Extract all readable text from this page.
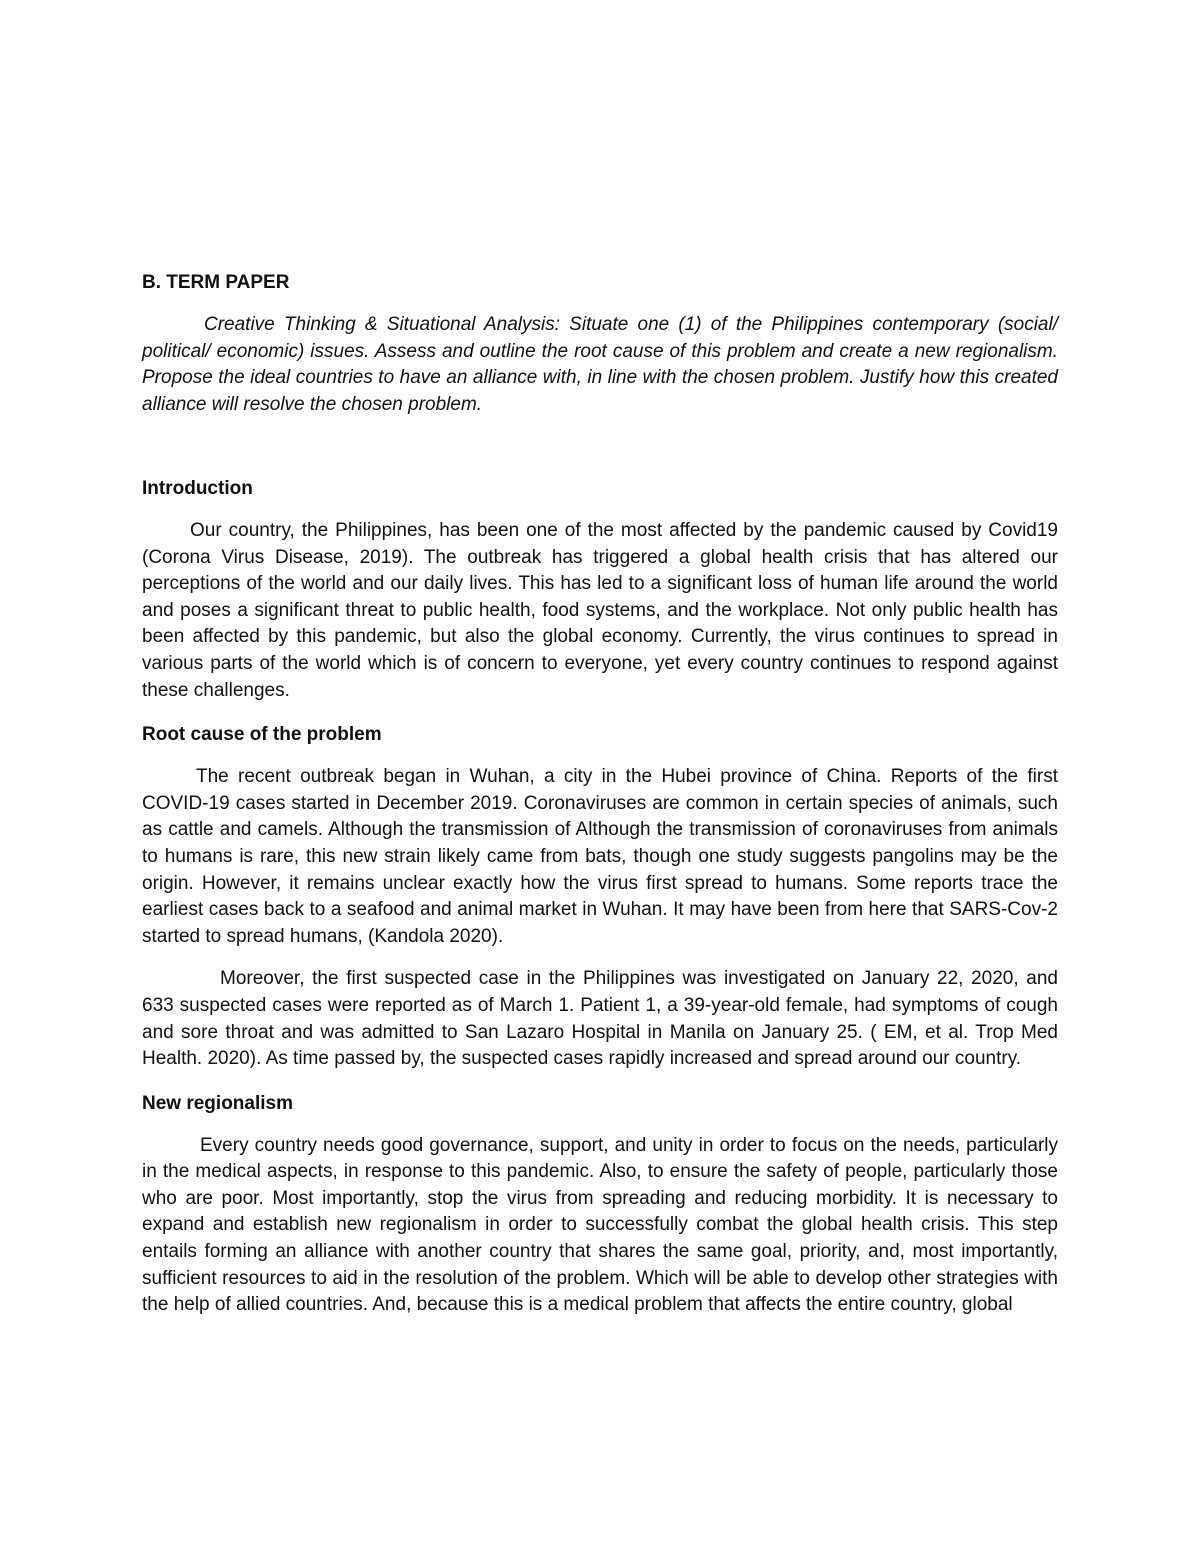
B. TERM PAPER

Creative Thinking & Situational Analysis: Situate one (1) of the Philippines contemporary (social/ political/ economic) issues. Assess and outline the root cause of this problem and create a new regionalism. Propose the ideal countries to have an alliance with, in line with the chosen problem. Justify how this created alliance will resolve the chosen problem.

Introduction

Our country, the Philippines, has been one of the most affected by the pandemic caused by Covid19 (Corona Virus Disease, 2019). The outbreak has triggered a global health crisis that has altered our perceptions of the world and our daily lives. This has led to a significant loss of human life around the world and poses a significant threat to public health, food systems, and the workplace. Not only public health has been affected by this pandemic, but also the global economy. Currently, the virus continues to spread in various parts of the world which is of concern to everyone, yet every country continues to respond against these challenges.

Root cause of the problem

The recent outbreak began in Wuhan, a city in the Hubei province of China. Reports of the first COVID-19 cases started in December 2019. Coronaviruses are common in certain species of animals, such as cattle and camels. Although the transmission of Although the transmission of coronaviruses from animals to humans is rare, this new strain likely came from bats, though one study suggests pangolins may be the origin. However, it remains unclear exactly how the virus first spread to humans. Some reports trace the earliest cases back to a seafood and animal market in Wuhan. It may have been from here that SARS-Cov-2 started to spread humans, (Kandola 2020).

Moreover, the first suspected case in the Philippines was investigated on January 22, 2020, and 633 suspected cases were reported as of March 1. Patient 1, a 39-year-old female, had symptoms of cough and sore throat and was admitted to San Lazaro Hospital in Manila on January 25. ( EM, et al. Trop Med Health. 2020). As time passed by, the suspected cases rapidly increased and spread around our country.

New regionalism

Every country needs good governance, support, and unity in order to focus on the needs, particularly in the medical aspects, in response to this pandemic. Also, to ensure the safety of people, particularly those who are poor. Most importantly, stop the virus from spreading and reducing morbidity. It is necessary to expand and establish new regionalism in order to successfully combat the global health crisis. This step entails forming an alliance with another country that shares the same goal, priority, and, most importantly, sufficient resources to aid in the resolution of the problem. Which will be able to develop other strategies with the help of allied countries. And, because this is a medical problem that affects the entire country, global
